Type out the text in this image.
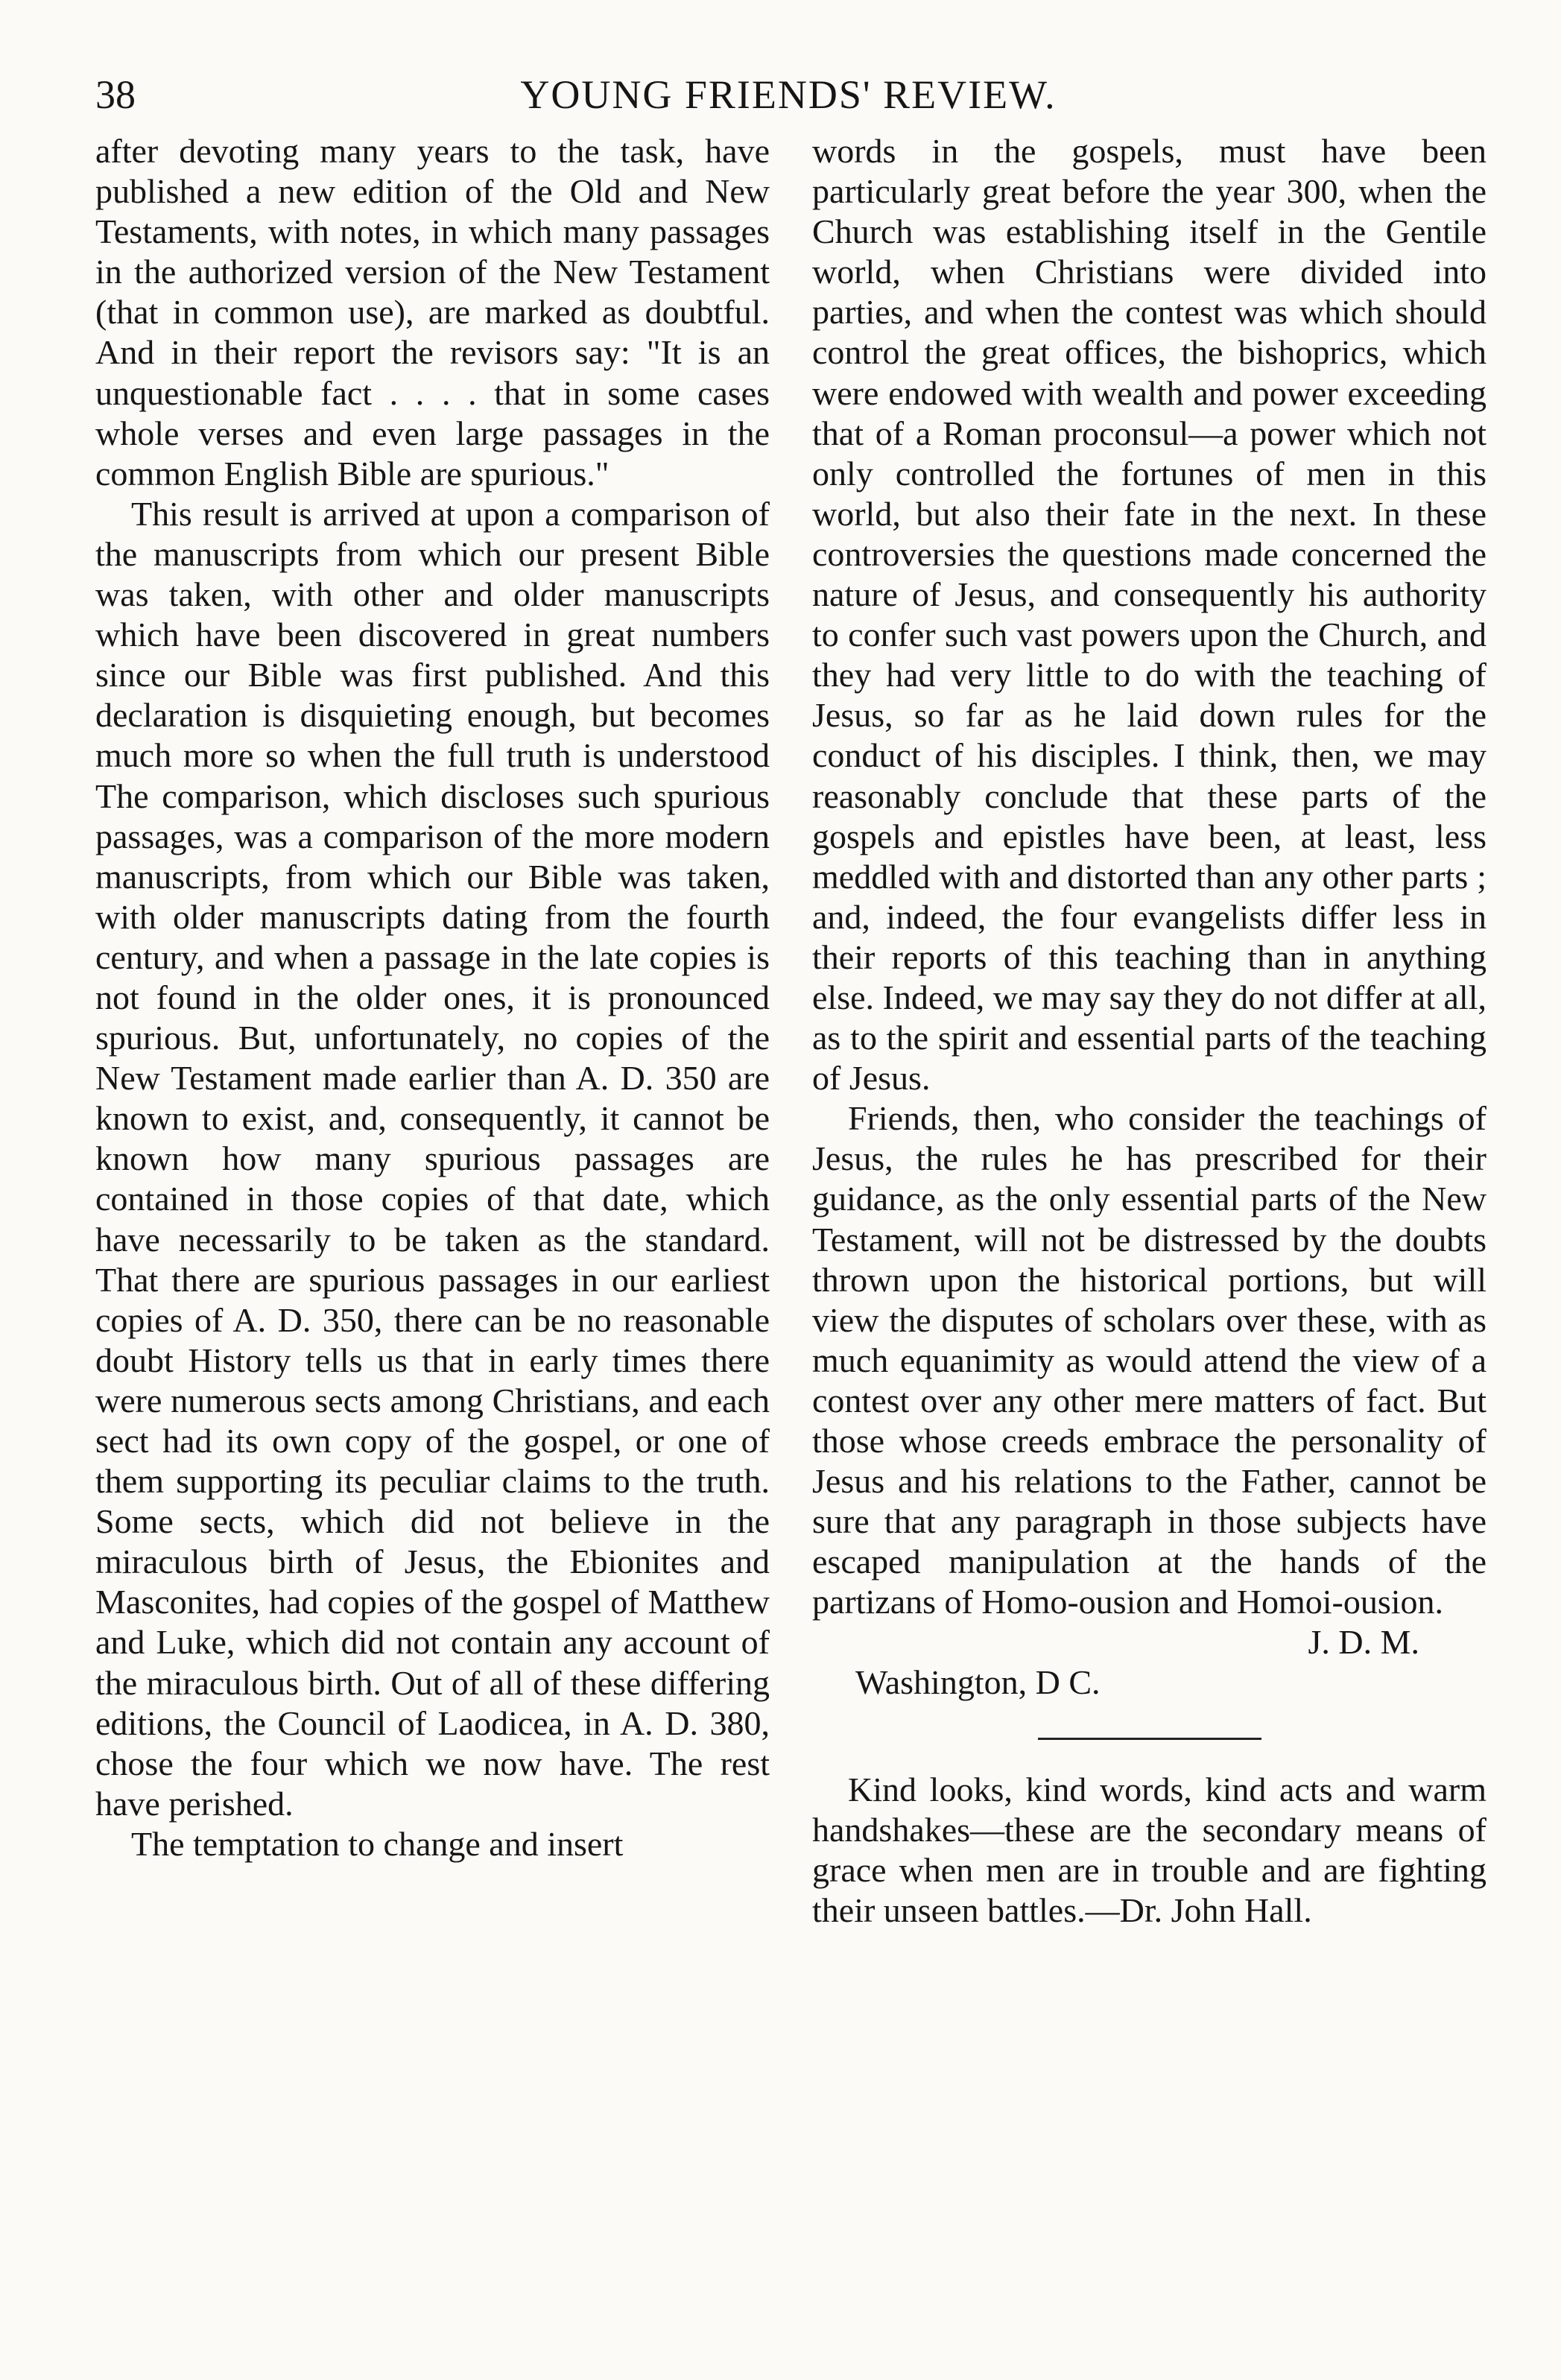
38	YOUNG FRIENDS' REVIEW.

after devoting many years to the task, have published a new edition of the Old and New Testaments, with notes, in which many passages in the authorized version of the New Testament (that in common use), are marked as doubtful. And in their report the revisors say: "It is an unquestionable fact . . . . that in some cases whole verses and even large passages in the common English Bible are spurious."

This result is arrived at upon a comparison of the manuscripts from which our present Bible was taken, with other and older manuscripts which have been discovered in great numbers since our Bible was first published. And this declaration is disquieting enough, but becomes much more so when the full truth is understood The comparison, which discloses such spurious passages, was a comparison of the more modern manuscripts, from which our Bible was taken, with older manuscripts dating from the fourth century, and when a passage in the late copies is not found in the older ones, it is pronounced spurious. But, unfortunately, no copies of the New Testament made earlier than A. D. 350 are known to exist, and, consequently, it cannot be known how many spurious passages are contained in those copies of that date, which have necessarily to be taken as the standard. That there are spurious passages in our earliest copies of A. D. 350, there can be no reasonable doubt History tells us that in early times there were numerous sects among Christians, and each sect had its own copy of the gospel, or one of them supporting its peculiar claims to the truth. Some sects, which did not believe in the miraculous birth of Jesus, the Ebionites and Masconites, had copies of the gospel of Matthew and Luke, which did not contain any account of the miraculous birth. Out of all of these differing editions, the Council of Laodicea, in A. D. 380, chose the four which we now have. The rest have perished.

The temptation to change and insert

words in the gospels, must have been particularly great before the year 300, when the Church was establishing itself in the Gentile world, when Christians were divided into parties, and when the contest was which should control the great offices, the bishoprics, which were endowed with wealth and power exceeding that of a Roman proconsul—a power which not only controlled the fortunes of men in this world, but also their fate in the next. In these controversies the questions made concerned the nature of Jesus, and consequently his authority to confer such vast powers upon the Church, and they had very little to do with the teaching of Jesus, so far as he laid down rules for the conduct of his disciples. I think, then, we may reasonably conclude that these parts of the gospels and epistles have been, at least, less meddled with and distorted than any other parts ; and, indeed, the four evangelists differ less in their reports of this teaching than in anything else. Indeed, we may say they do not differ at all, as to the spirit and essential parts of the teaching of Jesus.

Friends, then, who consider the teachings of Jesus, the rules he has prescribed for their guidance, as the only essential parts of the New Testament, will not be distressed by the doubts thrown upon the historical portions, but will view the disputes of scholars over these, with as much equanimity as would attend the view of a contest over any other mere matters of fact. But those whose creeds embrace the personality of Jesus and his relations to the Father, cannot be sure that any paragraph in those subjects have escaped manipulation at the hands of the partizans of Homo-ousion and Homoi-ousion.

J. D. M.
Washington, D C.

Kind looks, kind words, kind acts and warm handshakes—these are the secondary means of grace when men are in trouble and are fighting their unseen battles.—Dr. John Hall.
